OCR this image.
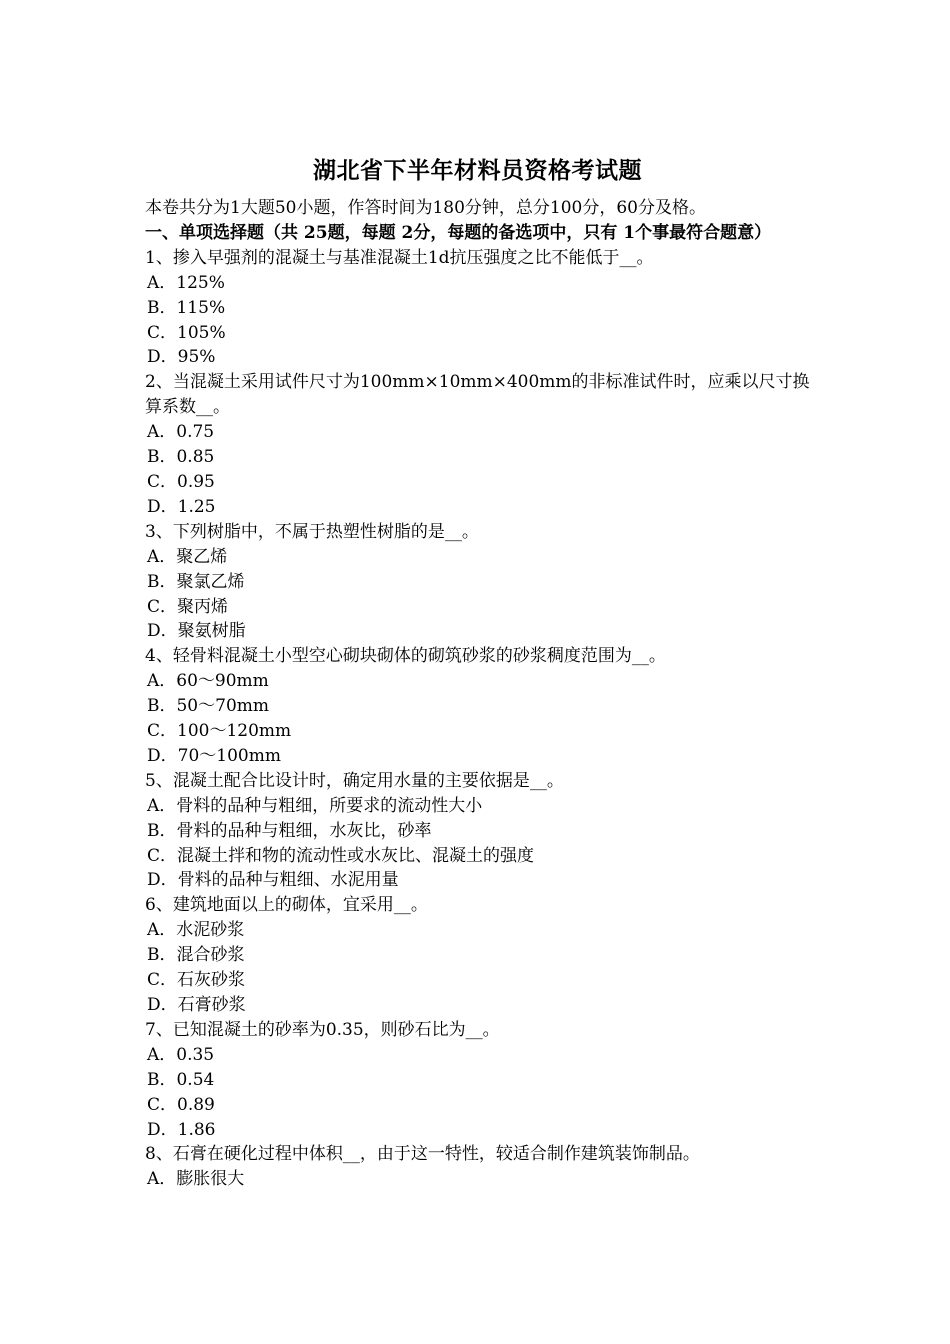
湖北省下半年材料员资格考试题
本卷共分为1大题50小题，作答时间为180分钟，总分100分，60分及格。
一、单项选择题（共 25题，每题 2分，每题的备选项中，只有 1个事最符合题意）
1、掺入早强剂的混凝土与基准混凝土1d抗压强度之比不能低于__。
A．125%
B．115%
C．105%
D．95%
2、当混凝土采用试件尺寸为100mm×10mm×400mm的非标准试件时，应乘以尺寸换算系数__。
A．0.75
B．0.85
C．0.95
D．1.25
3、下列树脂中，不属于热塑性树脂的是__。
A．聚乙烯
B．聚氯乙烯
C．聚丙烯
D．聚氨树脂
4、轻骨料混凝土小型空心砌块砌体的砌筑砂浆的砂浆稠度范围为__。
A．60～90mm
B．50～70mm
C．100～120mm
D．70～100mm
5、混凝土配合比设计时，确定用水量的主要依据是__。
A．骨料的品种与粗细，所要求的流动性大小
B．骨料的品种与粗细，水灰比，砂率
C．混凝土拌和物的流动性或水灰比、混凝土的强度
D．骨料的品种与粗细、水泥用量
6、建筑地面以上的砌体，宜采用__。
A．水泥砂浆
B．混合砂浆
C．石灰砂浆
D．石膏砂浆
7、已知混凝土的砂率为0.35，则砂石比为__。
A．0.35
B．0.54
C．0.89
D．1.86
8、石膏在硬化过程中体积__，由于这一特性，较适合制作建筑装饰制品。
A．膨胀很大
